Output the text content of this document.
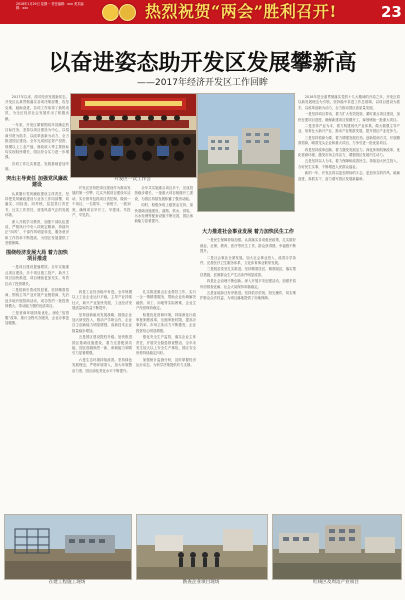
2018年1月29日 星期一 责任编辑：xxx 美术编辑：xxx	热烈祝贺“两会”胜利召开!	23
以奋进姿态助开发区发展攀新高
——2017年经济开发区工作回眸

2017年以来，面对经济发展新常态，开发区认真贯彻落实各项决策部署，攻坚克难，砥砺奋进，各项工作取得了新的成效，为全区经济社会发展作出了积极贡献。

一年来，开发区紧紧围绕年初确定的目标任务，坚持以项目建设为中心，以招商引资为抓手，以改革创新为动力，全力推进园区建设。全年完成固定资产投资、规模以上工业产值、财政收入等主要指标均实现较快增长，园区综合实力进一步增强。

各项工作扎实推进，发展基础更加牢固。

突出主导责任 加强党风廉政建设

认真履行党风廉政建设主体责任，坚持把党风廉政建设与业务工作同部署、同落实、同检查、同考核，层层签订责任书，压实工作责任，营造风清气正的发展环境。

深入开展学习教育，加强干部队伍建设，严格执行中央八项规定精神，持续纠正“四风”，干部作风明显转变，服务意识和工作效率不断提高，为园区发展提供了坚强保障。

围绕经济发展大局 着力加快项目推进

一是项目建设提速增效。全年实施重点项目建设，多个项目竣工投产，新开工项目加快推进，项目储备更加充实，有效拉动了投资增长。

二是招商引资成效显著。坚持精准招商，围绕主导产业开展产业链招商，先后赴多地开展招商活动，成功签约一批投资规模大、带动能力强的优质项目。

三是营商环境持续优化。深化“放管服”改革，推行全程代办服务，企业办事更加便捷。

开发区一次工作会

开发区坚持把项目建设作为推动发展的第一引擎，扎实开展项目建设年活动，实行领导包抓项目责任制，做到一个项目、一名领导、一套班子、一抓到底，确保项目早开工、早建成、早投产、早见效。

全年共实施重点项目多个，完成投资稳步增长，一批重大项目相继开工建设，为园区持续发展积蓄了强劲动能。

同时，积极争取上级资金支持，加快基础设施建设，道路、供水、供电、污水处理等配套设施不断完善，园区承载能力显著提升。

四是工业经济稳中有进。全年规模以上工业企业运行平稳，主导产业持续壮大，新兴产业加快发展，工业经济发展质量和效益不断提升。

坚持创新驱动发展战略，鼓励企业加大研发投入，推动产学研合作，企业自主创新能力明显增强，高新技术企业数量稳步增加。

五是园区建设提档升级。加快推进园区基础设施建设，着力完善配套功能，园区面貌焕然一新，承载能力和吸引力显著增强。

六是生态环境持续改善。坚持绿色发展理念，严格环境准入，加大环境整治力度，园区绿化美化水平不断提升。

扎实推进重点企业帮扶工作，实行一企一策精准服务，帮助企业协调解决融资、用工、用地等实际困难，企业生产经营保持稳定。

积极优化营商环境，持续深化行政审批制度改革，压缩审批时限，提高办事效率，市场主体活力不断激发，企业投资信心明显增强。

强化安全生产监管，落实企业主体责任，开展安全隐患排查整治，全年未发生较大以上安全生产事故，园区安全形势持续稳定向好。

加强统计监测分析，及时掌握经济运行动态，为科学决策提供有力支撑。

大力推进社会事业发展 着力加快民生工作

一是民生保障持续加强。认真落实各项惠民政策，扎实做好就业、社保、教育、医疗等民生工作，群众获得感、幸福感不断提升。

二是社会事业全面发展。加大社会事业投入，改善办学条件，完善医疗卫生服务体系，文化体育事业繁荣发展。

三是脱贫攻坚扎实推进。坚持精准扶贫、精准脱贫，落实帮扶措施，贫困群众生产生活条件明显改善。

四是社会治理不断创新。深入开展平安创建活动，加强矛盾纠纷排查化解，社会大局保持和谐稳定。

五是征地拆迁有序推进。坚持依法依规、阳光操作，切实维护群众合法权益，为项目落地提供了用地保障。

2018年是全面贯彻落实党的十九大精神的开局之年，开发区将以新发展理念为引领，坚持稳中求进工作总基调，以项目建设为抓手，以改革创新为动力，全力推动园区高质量发展。

一是坚持项目带动，着力扩大有效投资。紧盯重点项目建设，加快在建项目进度，确保新建项目按期开工，谋划储备一批重大项目。

二是坚持产业为本，着力构建现代产业体系。做大做强主导产业，培育壮大新兴产业，推动产业集群发展，提升园区产业竞争力。

三是坚持招商为要，着力增强发展后劲。创新招商方式，开展精准招商，瞄准龙头企业和重大项目，力争引进一批优质项目。

四是坚持改革创新，着力激发发展活力。深化体制机制改革，优化营商环境，激发市场主体活力，增强园区发展内生动力。

五是坚持以人为本，着力保障和改善民生。持续加大民生投入，办好民生实事，不断增进人民群众福祉。

新的一年，开发区将以更加昂扬的斗志、更加务实的作风，砥砺奋进，真抓实干，奋力谱写园区发展新篇章。

在建工程施工现场	勘查企业项目现场	红线区及周边产业项目
